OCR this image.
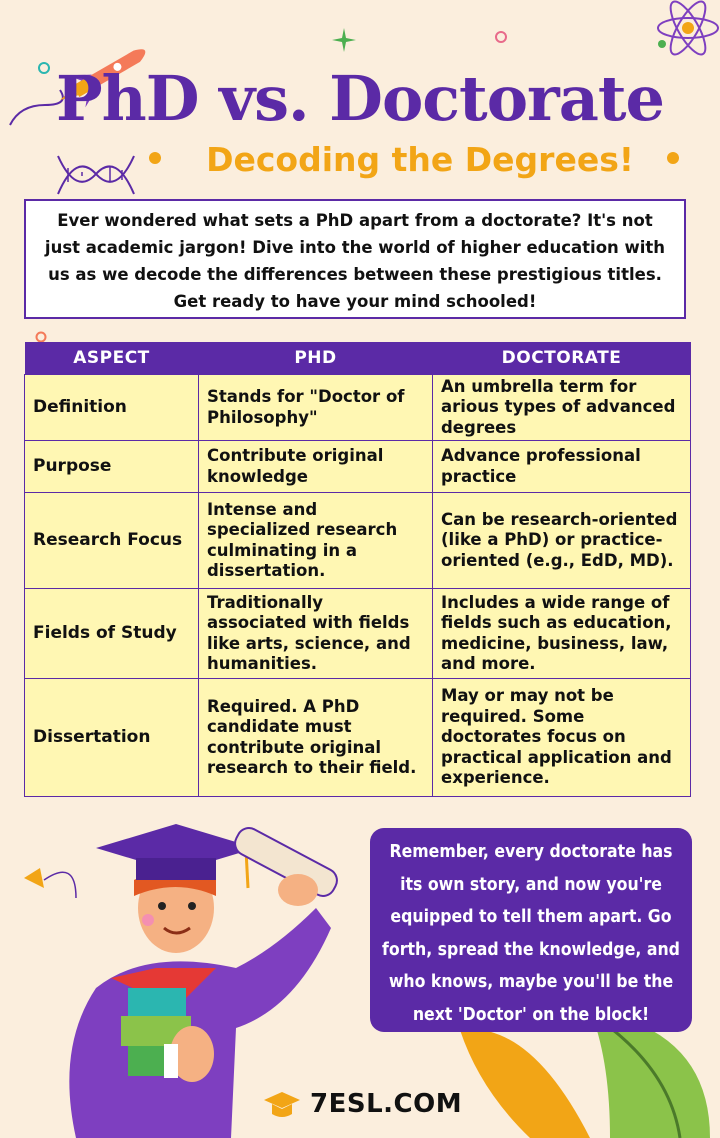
PhD vs. Doctorate
Decoding the Degrees!
Ever wondered what sets a PhD apart from a doctorate? It's not just academic jargon! Dive into the world of higher education with us as we decode the differences between these prestigious titles. Get ready to have your mind schooled!
ASPECT	PHD	DOCTORATE
Definition	Stands for "Doctor of Philosophy"	An umbrella term for arious types of advanced degrees
Purpose	Contribute original knowledge	Advance professional practice
Research Focus	Intense and specialized research culminating in a dissertation.	Can be research-oriented (like a PhD) or practice-oriented (e.g., EdD, MD).
Fields of Study	Traditionally associated with fields like arts, science, and humanities.	Includes a wide range of fields such as education, medicine, business, law, and more.
Dissertation	Required. A PhD candidate must contribute original research to their field.	May or may not be required. Some doctorates focus on practical application and experience.
Remember, every doctorate has its own story, and now you're equipped to tell them apart. Go forth, spread the knowledge, and who knows, maybe you'll be the next 'Doctor' on the block!
7ESL.COM
